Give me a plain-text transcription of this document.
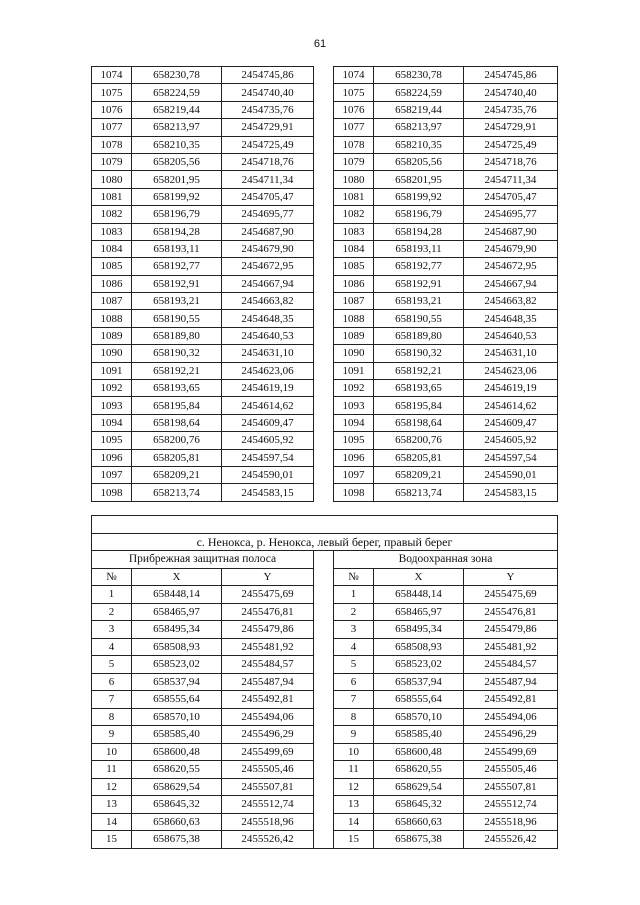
61
1074	658230,78	2454745,86		1074	658230,78	2454745,86
1075	658224,59	2454740,40		1075	658224,59	2454740,40
1076	658219,44	2454735,76		1076	658219,44	2454735,76
1077	658213,97	2454729,91		1077	658213,97	2454729,91
1078	658210,35	2454725,49		1078	658210,35	2454725,49
1079	658205,56	2454718,76		1079	658205,56	2454718,76
1080	658201,95	2454711,34		1080	658201,95	2454711,34
1081	658199,92	2454705,47		1081	658199,92	2454705,47
1082	658196,79	2454695,77		1082	658196,79	2454695,77
1083	658194,28	2454687,90		1083	658194,28	2454687,90
1084	658193,11	2454679,90		1084	658193,11	2454679,90
1085	658192,77	2454672,95		1085	658192,77	2454672,95
1086	658192,91	2454667,94		1086	658192,91	2454667,94
1087	658193,21	2454663,82		1087	658193,21	2454663,82
1088	658190,55	2454648,35		1088	658190,55	2454648,35
1089	658189,80	2454640,53		1089	658189,80	2454640,53
1090	658190,32	2454631,10		1090	658190,32	2454631,10
1091	658192,21	2454623,06		1091	658192,21	2454623,06
1092	658193,65	2454619,19		1092	658193,65	2454619,19
1093	658195,84	2454614,62		1093	658195,84	2454614,62
1094	658198,64	2454609,47		1094	658198,64	2454609,47
1095	658200,76	2454605,92		1095	658200,76	2454605,92
1096	658205,81	2454597,54		1096	658205,81	2454597,54
1097	658209,21	2454590,01		1097	658209,21	2454590,01
1098	658213,74	2454583,15		1098	658213,74	2454583,15

с. Ненокса, р. Ненокса, левый берег, правый берег						
Прибрежная защитная полоса				Водоохранная зона		
№	X	Y		№	X	Y
1	658448,14	2455475,69		1	658448,14	2455475,69
2	658465,97	2455476,81		2	658465,97	2455476,81
3	658495,34	2455479,86		3	658495,34	2455479,86
4	658508,93	2455481,92		4	658508,93	2455481,92
5	658523,02	2455484,57		5	658523,02	2455484,57
6	658537,94	2455487,94		6	658537,94	2455487,94
7	658555,64	2455492,81		7	658555,64	2455492,81
8	658570,10	2455494,06		8	658570,10	2455494,06
9	658585,40	2455496,29		9	658585,40	2455496,29
10	658600,48	2455499,69		10	658600,48	2455499,69
11	658620,55	2455505,46		11	658620,55	2455505,46
12	658629,54	2455507,81		12	658629,54	2455507,81
13	658645,32	2455512,74		13	658645,32	2455512,74
14	658660,63	2455518,96		14	658660,63	2455518,96
15	658675,38	2455526,42		15	658675,38	2455526,42
